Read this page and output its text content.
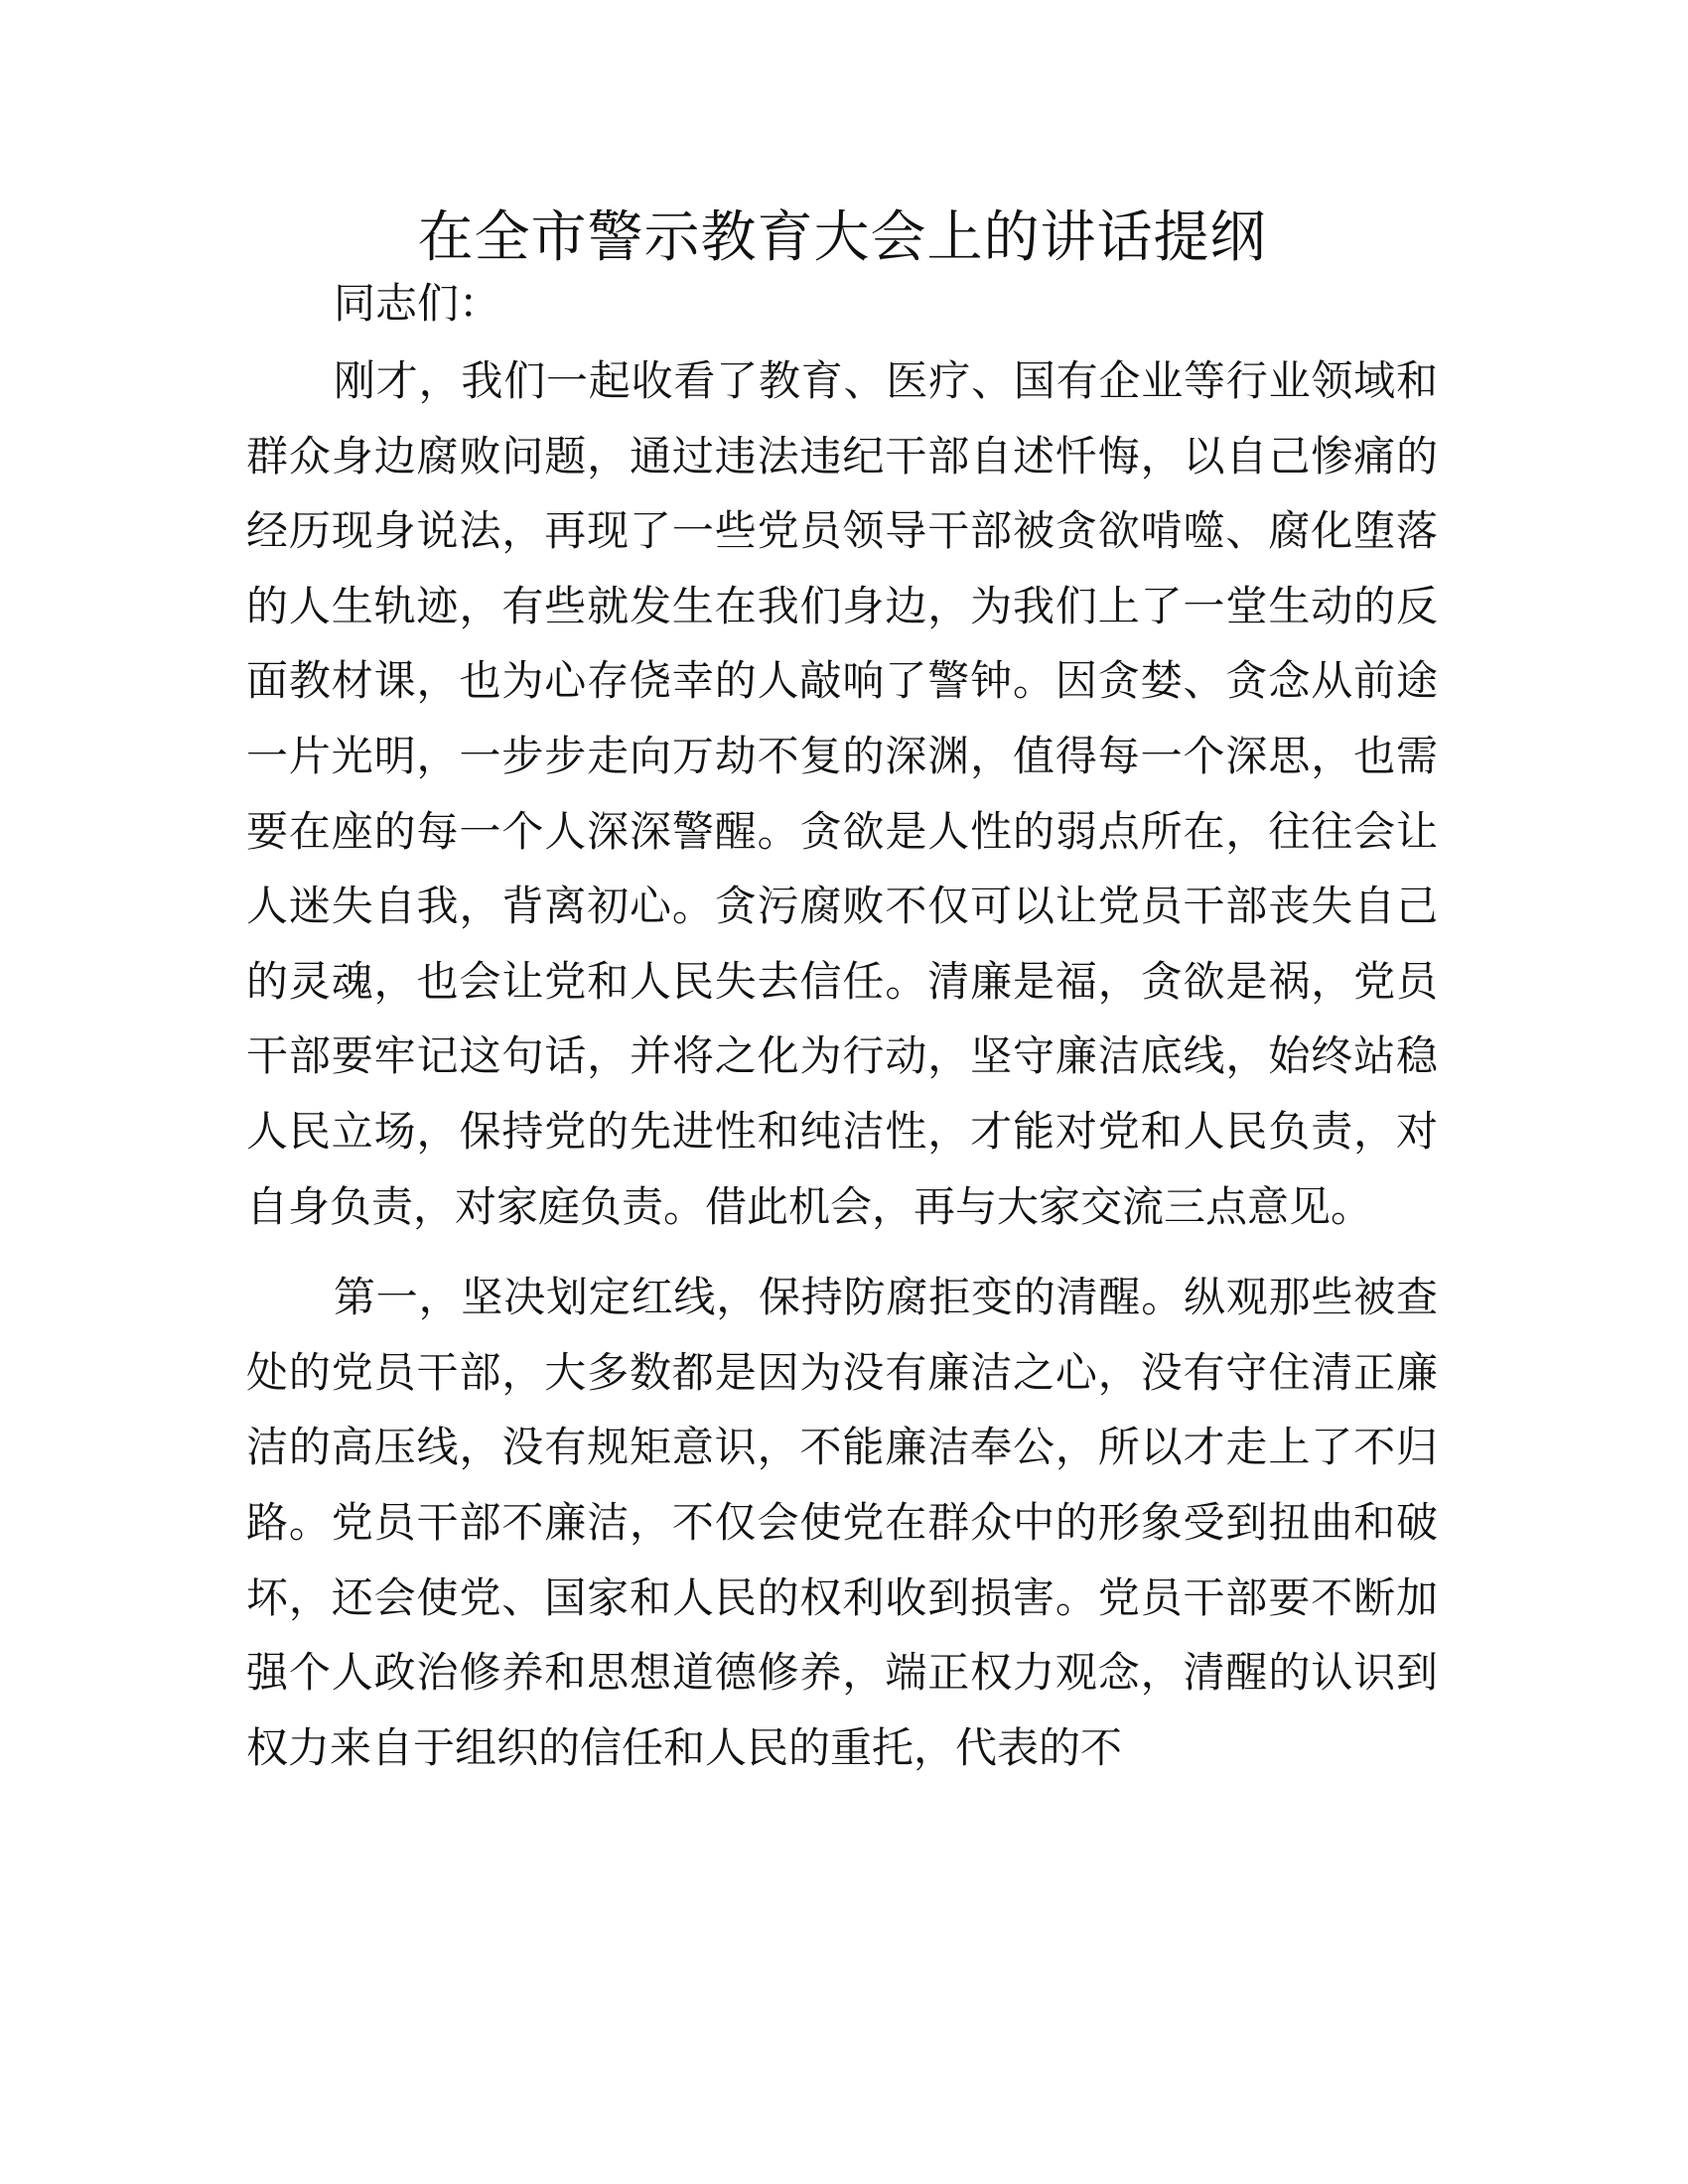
在全市警示教育大会上的讲话提纲

同志们：

刚才，我们一起收看了教育、医疗、国有企业等行业领域和群众身边腐败问题，通过违法违纪干部自述忏悔，以自己惨痛的经历现身说法，再现了一些党员领导干部被贪欲啃噬、腐化堕落的人生轨迹，有些就发生在我们身边，为我们上了一堂生动的反面教材课，也为心存侥幸的人敲响了警钟。因贪婪、贪念从前途一片光明，一步步走向万劫不复的深渊，值得每一个深思，也需要在座的每一个人深深警醒。贪欲是人性的弱点所在，往往会让人迷失自我，背离初心。贪污腐败不仅可以让党员干部丧失自己的灵魂，也会让党和人民失去信任。清廉是福，贪欲是祸，党员干部要牢记这句话，并将之化为行动，坚守廉洁底线，始终站稳人民立场，保持党的先进性和纯洁性，才能对党和人民负责，对自身负责，对家庭负责。借此机会，再与大家交流三点意见。

第一，坚决划定红线，保持防腐拒变的清醒。纵观那些被查处的党员干部，大多数都是因为没有廉洁之心，没有守住清正廉洁的高压线，没有规矩意识，不能廉洁奉公，所以才走上了不归路。党员干部不廉洁，不仅会使党在群众中的形象受到扭曲和破坏，还会使党、国家和人民的权利收到损害。党员干部要不断加强个人政治修养和思想道德修养，端正权力观念，清醒的认识到权力来自于组织的信任和人民的重托，代表的不
